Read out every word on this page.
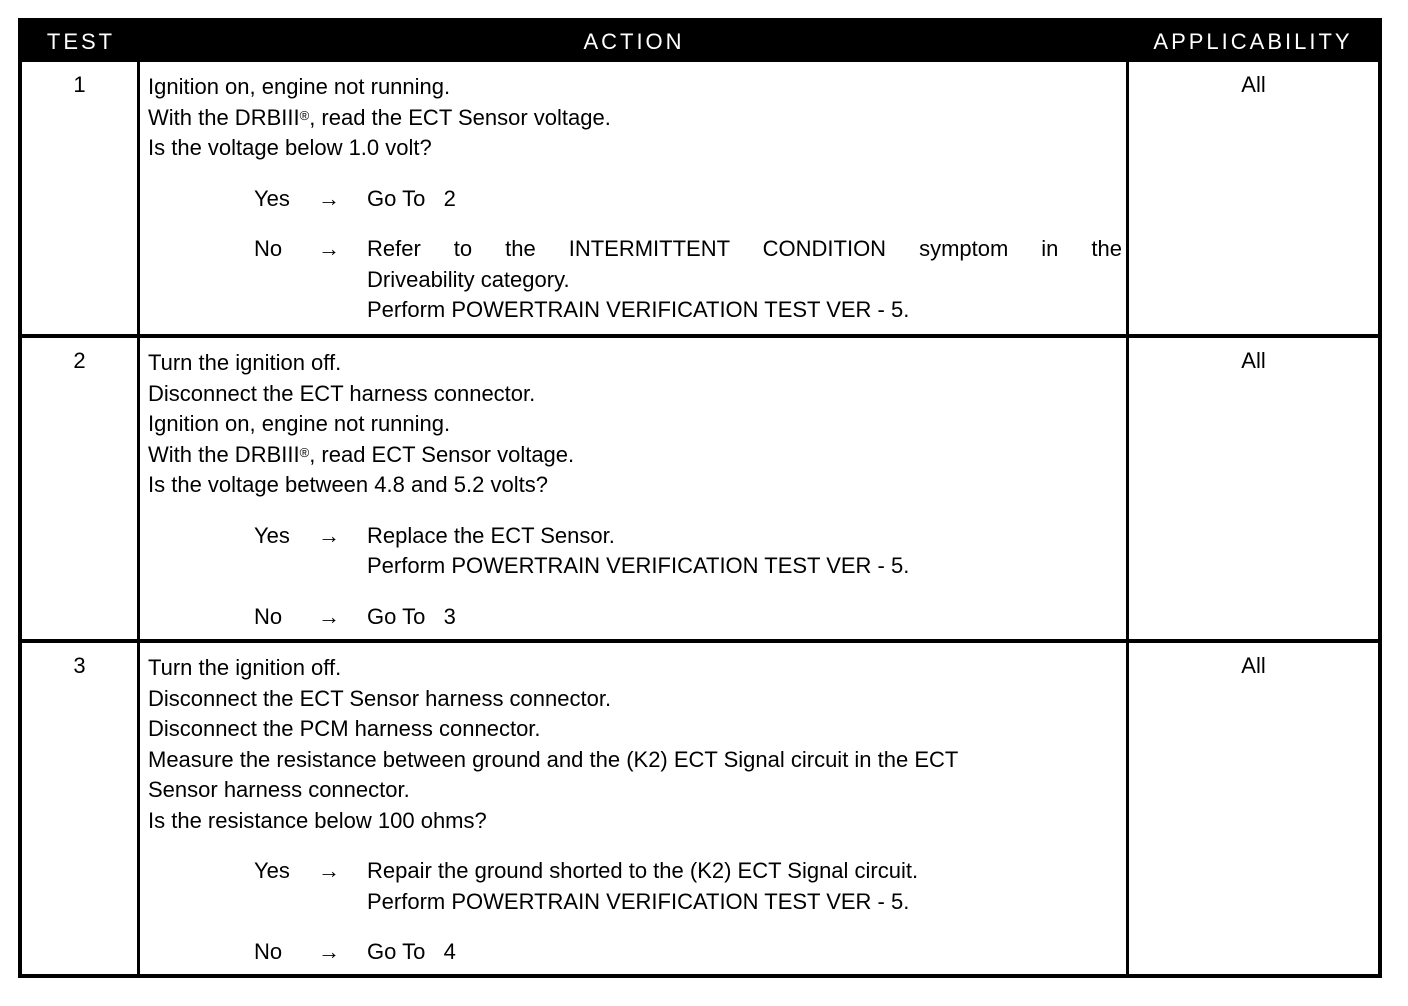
TEST	ACTION	APPLICABILITY
1	Ignition on, engine not running.
With the DRBIII®, read the ECT Sensor voltage.
Is the voltage below 1.0 volt?
Yes → Go To   2
No → Refer to the INTERMITTENT CONDITION symptom in the
Driveability category.
Perform POWERTRAIN VERIFICATION TEST VER - 5.
All
2	Turn the ignition off.
Disconnect the ECT harness connector.
Ignition on, engine not running.
With the DRBIII®, read ECT Sensor voltage.
Is the voltage between 4.8 and 5.2 volts?
Yes → Replace the ECT Sensor.
Perform POWERTRAIN VERIFICATION TEST VER - 5.
No → Go To   3
All
3	Turn the ignition off.
Disconnect the ECT Sensor harness connector.
Disconnect the PCM harness connector.
Measure the resistance between ground and the (K2) ECT Signal circuit in the ECT
Sensor harness connector.
Is the resistance below 100 ohms?
Yes → Repair the ground shorted to the (K2) ECT Signal circuit.
Perform POWERTRAIN VERIFICATION TEST VER - 5.
No → Go To   4
All
